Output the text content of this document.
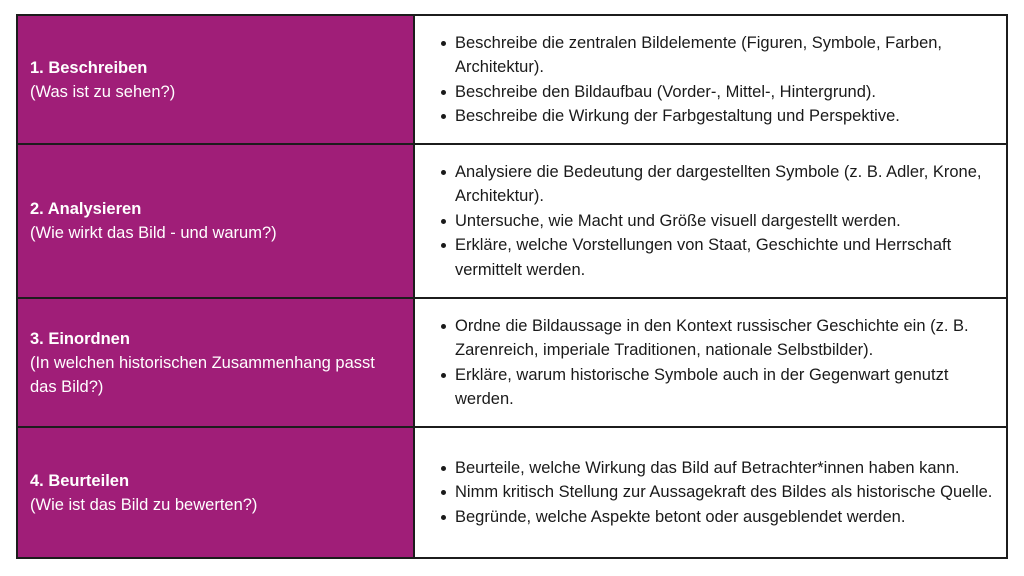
1. Beschreiben
(Was ist zu sehen?)
Beschreibe die zentralen Bildelemente (Figuren, Symbole, Farben, Architektur).
Beschreibe den Bildaufbau (Vorder-, Mittel-, Hintergrund).
Beschreibe die Wirkung der Farbgestaltung und Perspektive.
2. Analysieren
(Wie wirkt das Bild - und warum?)
Analysiere die Bedeutung der dargestellten Symbole (z. B. Adler, Krone, Architektur).
Untersuche, wie Macht und Größe visuell dargestellt werden.
Erkläre, welche Vorstellungen von Staat, Geschichte und Herrschaft vermittelt werden.
3. Einordnen
(In welchen historischen Zusammenhang passt das Bild?)
Ordne die Bildaussage in den Kontext russischer Geschichte ein (z. B. Zarenreich, imperiale Traditionen, nationale Selbstbilder).
Erkläre, warum historische Symbole auch in der Gegenwart genutzt werden.
4. Beurteilen
(Wie ist das Bild zu bewerten?)
Beurteile, welche Wirkung das Bild auf Betrachter*innen haben kann.
Nimm kritisch Stellung zur Aussagekraft des Bildes als historische Quelle.
Begründe, welche Aspekte betont oder ausgeblendet werden.
